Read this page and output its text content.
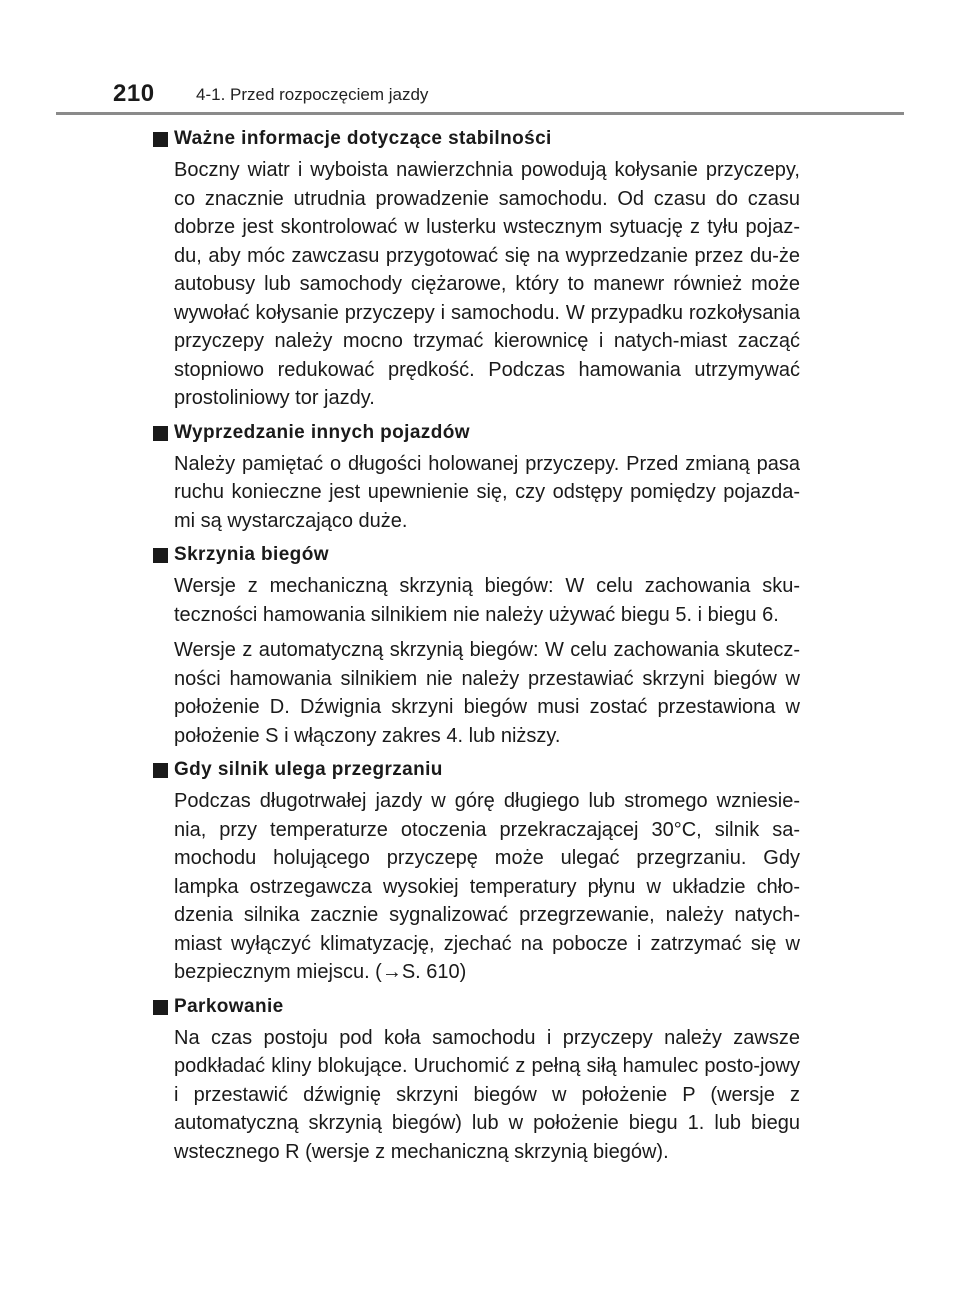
210 4-1. Przed rozpoczęciem jazdy
Ważne informacje dotyczące stabilności

Boczny wiatr i wyboista nawierzchnia powodują kołysanie przyczepy, co znacznie utrudnia prowadzenie samochodu. Od czasu do czasu dobrze jest skontrolować w lusterku wstecznym sytuację z tyłu pojaz-du, aby móc zawczasu przygotować się na wyprzedzanie przez du-że autobusy lub samochody ciężarowe, który to manewr również może wywołać kołysanie przyczepy i samochodu. W przypadku rozkołysania przyczepy należy mocno trzymać kierownicę i natych-miast zacząć stopniowo redukować prędkość. Podczas hamowania utrzymywać prostoliniowy tor jazdy.

Wyprzedzanie innych pojazdów

Należy pamiętać o długości holowanej przyczepy. Przed zmianą pasa ruchu konieczne jest upewnienie się, czy odstępy pomiędzy pojazda-mi są wystarczająco duże.

Skrzynia biegów

Wersje z mechaniczną skrzynią biegów: W celu zachowania sku-teczności hamowania silnikiem nie należy używać biegu 5. i biegu 6.

Wersje z automatyczną skrzynią biegów: W celu zachowania skutecz-ności hamowania silnikiem nie należy przestawiać skrzyni biegów w położenie D. Dźwignia skrzyni biegów musi zostać przestawiona w położenie S i włączony zakres 4. lub niższy.

Gdy silnik ulega przegrzaniu

Podczas długotrwałej jazdy w górę długiego lub stromego wzniesie-nia, przy temperaturze otoczenia przekraczającej 30°C, silnik sa-mochodu holującego przyczepę może ulegać przegrzaniu. Gdy lampka ostrzegawcza wysokiej temperatury płynu w układzie chło-dzenia silnika zacznie sygnalizować przegrzewanie, należy natych-miast wyłączyć klimatyzację, zjechać na pobocze i zatrzymać się w bezpiecznym miejscu. (→S. 610)

Parkowanie

Na czas postoju pod koła samochodu i przyczepy należy zawsze podkładać kliny blokujące. Uruchomić z pełną siłą hamulec posto-jowy i przestawić dźwignię skrzyni biegów w położenie P (wersje z automatyczną skrzynią biegów) lub w położenie biegu 1. lub biegu wstecznego R (wersje z mechaniczną skrzynią biegów).
